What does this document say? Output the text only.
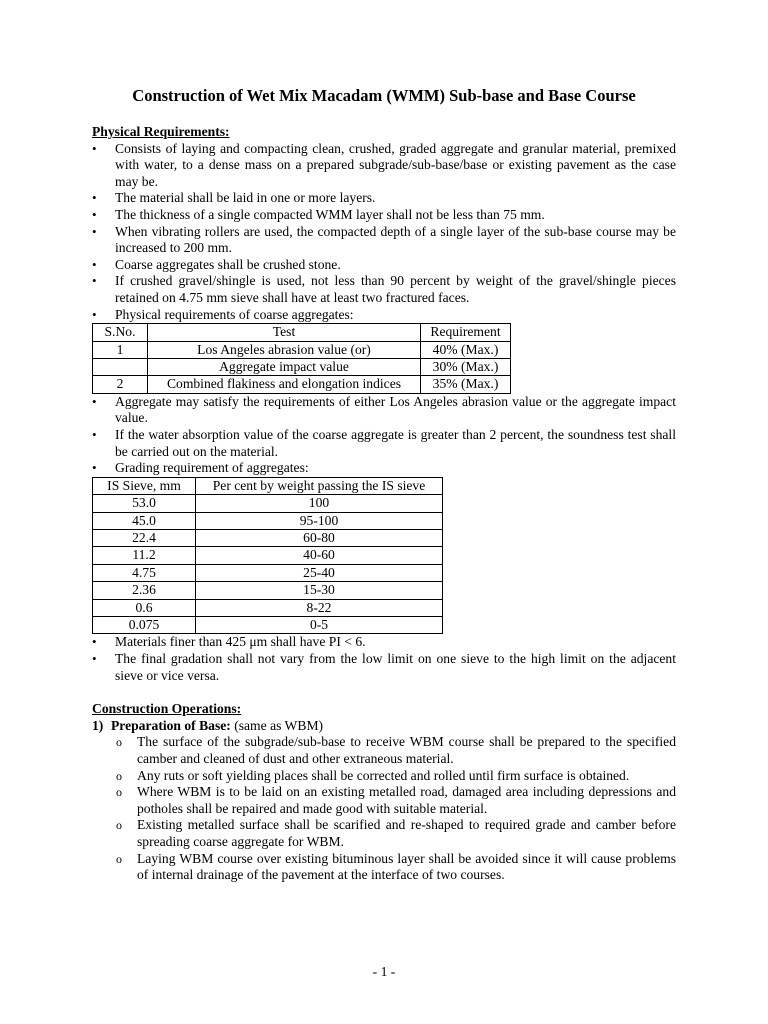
Construction of Wet Mix Macadam (WMM) Sub-base and Base Course

Physical Requirements:

• Consists of laying and compacting clean, crushed, graded aggregate and granular material, premixed with water, to a dense mass on a prepared subgrade/sub-base/base or existing pavement as the case may be.
• The material shall be laid in one or more layers.
• The thickness of a single compacted WMM layer shall not be less than 75 mm.
• When vibrating rollers are used, the compacted depth of a single layer of the sub-base course may be increased to 200 mm.
• Coarse aggregates shall be crushed stone.
• If crushed gravel/shingle is used, not less than 90 percent by weight of the gravel/shingle pieces retained on 4.75 mm sieve shall have at least two fractured faces.
• Physical requirements of coarse aggregates:
S.No.	Test	Requirement
1	Los Angeles abrasion value (or)	40% (Max.)
	Aggregate impact value	30% (Max.)
2	Combined flakiness and elongation indices	35% (Max.)
• Aggregate may satisfy the requirements of either Los Angeles abrasion value or the aggregate impact value.
• If the water absorption value of the coarse aggregate is greater than 2 percent, the soundness test shall be carried out on the material.
• Grading requirement of aggregates:
IS Sieve, mm	Per cent by weight passing the IS sieve
53.0	100
45.0	95-100
22.4	60-80
11.2	40-60
4.75	25-40
2.36	15-30
0.6	8-22
0.075	0-5
• Materials finer than 425 μm shall have PI < 6.
• The final gradation shall not vary from the low limit on one sieve to the high limit on the adjacent sieve or vice versa.

Construction Operations:

1) Preparation of Base: (same as WBM)

o The surface of the subgrade/sub-base to receive WBM course shall be prepared to the specified camber and cleaned of dust and other extraneous material.
o Any ruts or soft yielding places shall be corrected and rolled until firm surface is obtained.
o Where WBM is to be laid on an existing metalled road, damaged area including depressions and potholes shall be repaired and made good with suitable material.
o Existing metalled surface shall be scarified and re-shaped to required grade and camber before spreading coarse aggregate for WBM.
o Laying WBM course over existing bituminous layer shall be avoided since it will cause problems of internal drainage of the pavement at the interface of two courses.
- 1 -
